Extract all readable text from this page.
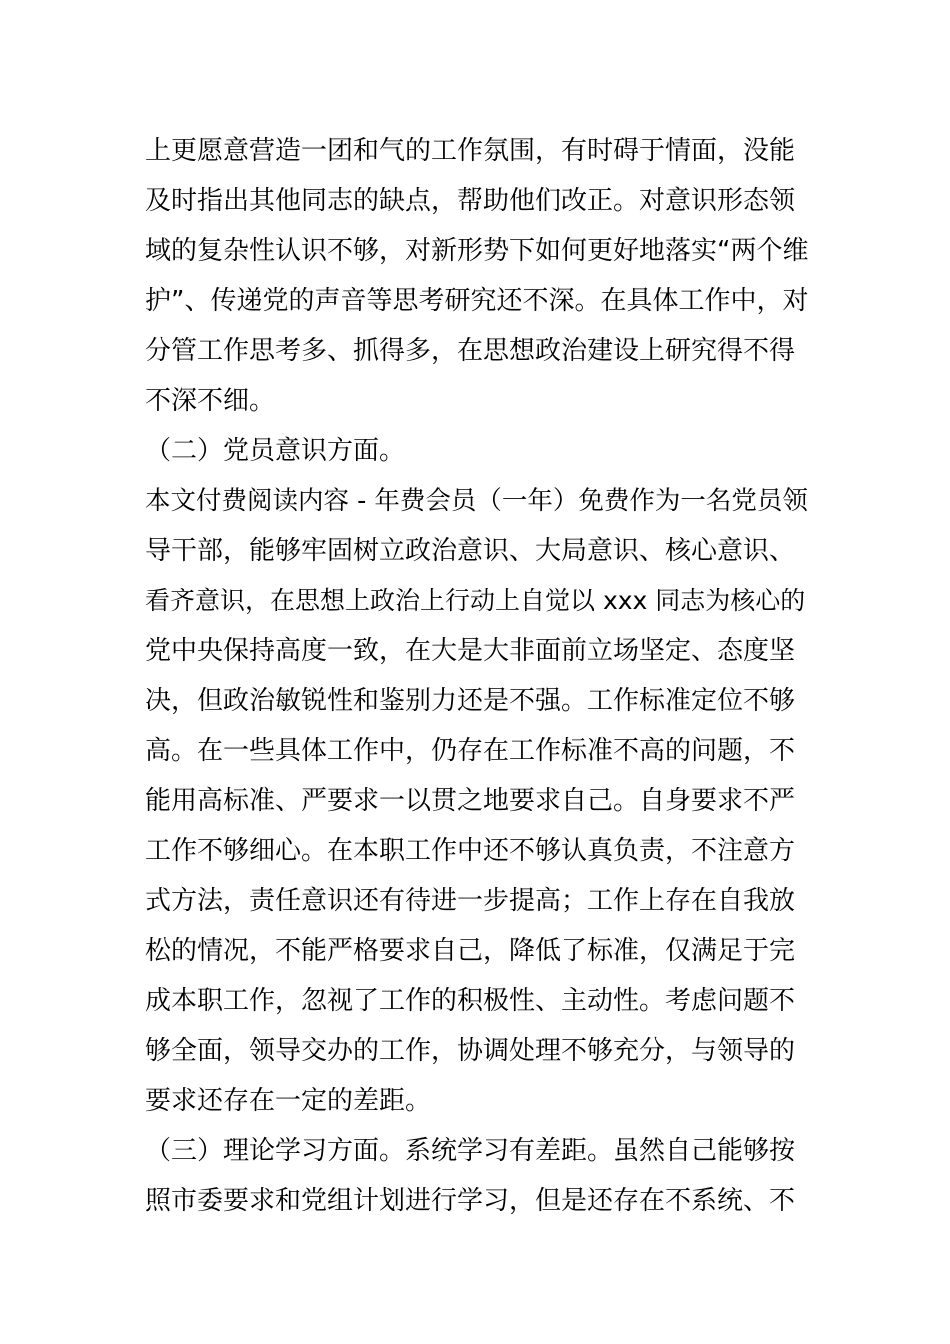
上更愿意营造一团和气的工作氛围，有时碍于情面，没能
及时指出其他同志的缺点，帮助他们改正。对意识形态领
域的复杂性认识不够，对新形势下如何更好地落实“两个维
护”、传递党的声音等思考研究还不深。在具体工作中，对
分管工作思考多、抓得多，在思想政治建设上研究得不得
不深不细。
（二）党员意识方面。
本文付费阅读内容 - 年费会员（一年）免费作为一名党员领
导干部，能够牢固树立政治意识、大局意识、核心意识、
看齐意识，在思想上政治上行动上自觉以 xxx 同志为核心的
党中央保持高度一致，在大是大非面前立场坚定、态度坚
决，但政治敏锐性和鉴别力还是不强。工作标准定位不够
高。在一些具体工作中，仍存在工作标准不高的问题，不
能用高标准、严要求一以贯之地要求自己。自身要求不严
工作不够细心。在本职工作中还不够认真负责，不注意方
式方法，责任意识还有待进一步提高；工作上存在自我放
松的情况，不能严格要求自己，降低了标准，仅满足于完
成本职工作，忽视了工作的积极性、主动性。考虑问题不
够全面，领导交办的工作，协调处理不够充分，与领导的
要求还存在一定的差距。
（三）理论学习方面。系统学习有差距。虽然自己能够按
照市委要求和党组计划进行学习，但是还存在不系统、不
